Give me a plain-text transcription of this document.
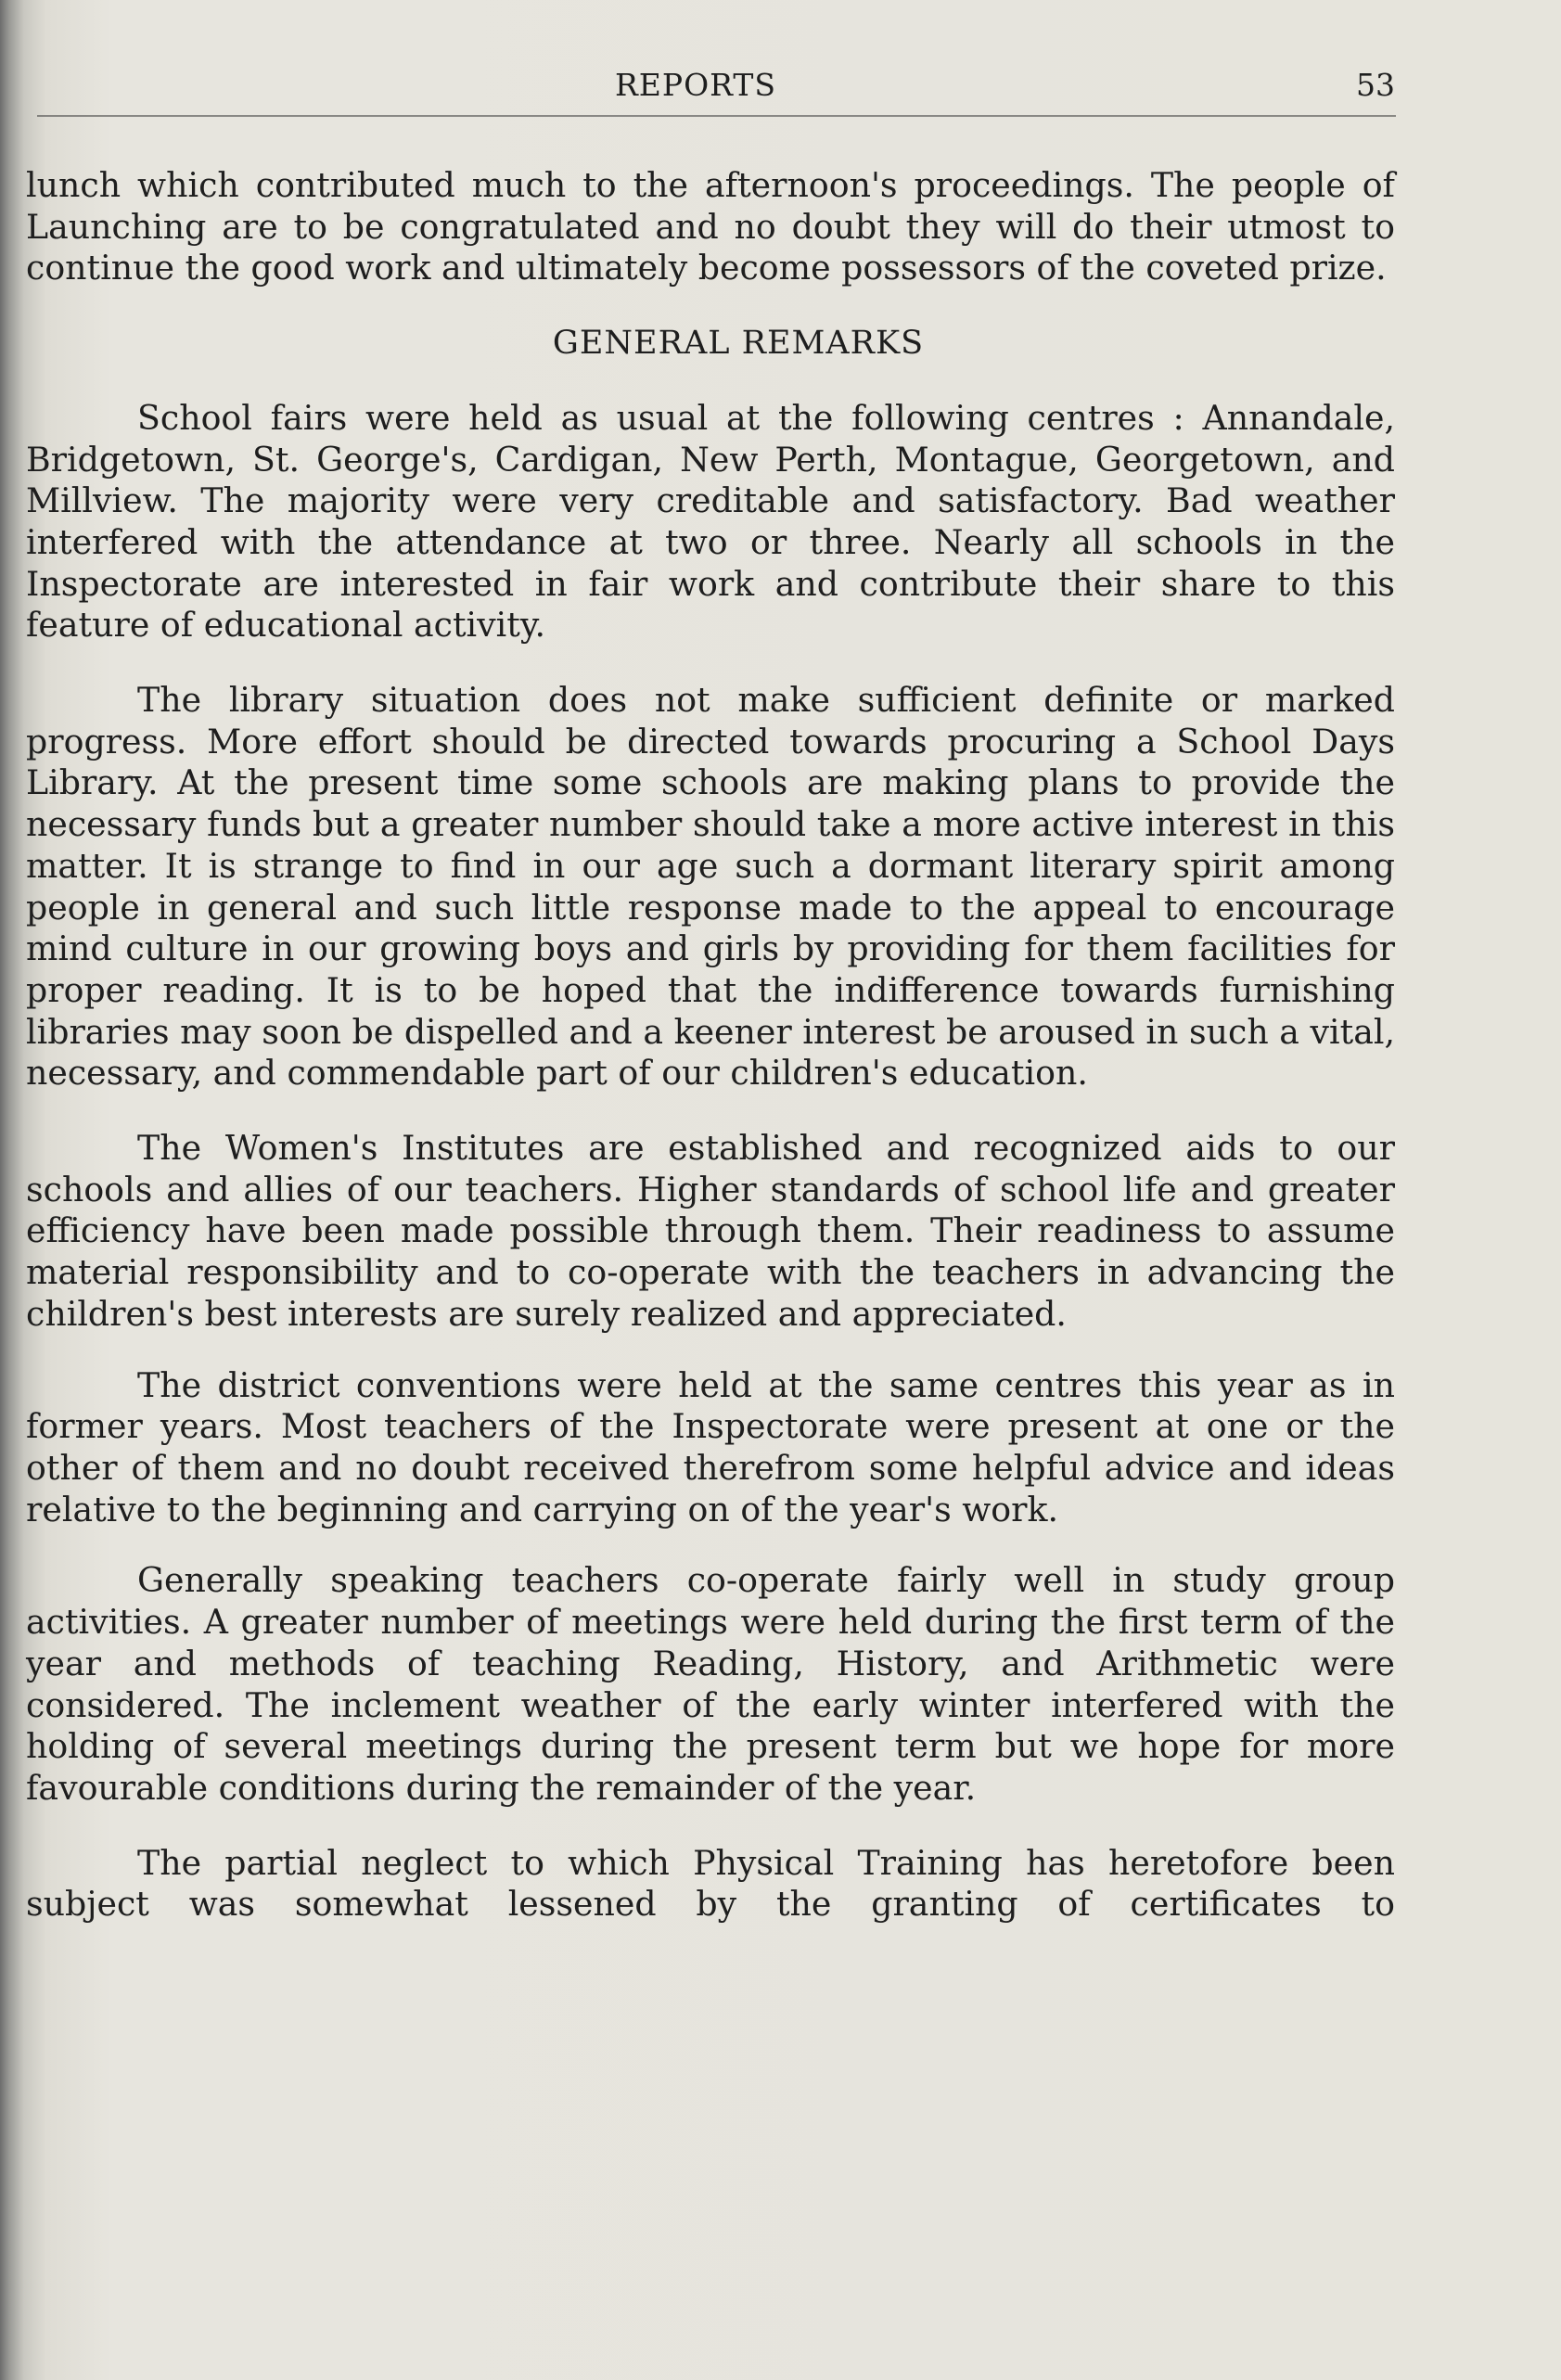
REPORTS	53

lunch which contributed much to the afternoon's proceedings. The people of Launching are to be congratulated and no doubt they will do their utmost to continue the good work and ultimately become possessors of the coveted prize.

GENERAL REMARKS

School fairs were held as usual at the following centres : Annandale, Bridgetown, St. George's, Cardigan, New Perth, Montague, Georgetown, and Millview. The majority were very creditable and satisfactory. Bad weather interfered with the attendance at two or three. Nearly all schools in the Inspectorate are interested in fair work and contribute their share to this feature of educational activity.

The library situation does not make sufficient definite or marked progress. More effort should be directed towards procuring a School Days Library. At the present time some schools are making plans to provide the necessary funds but a greater number should take a more active interest in this matter. It is strange to find in our age such a dormant literary spirit among people in general and such little response made to the appeal to encourage mind culture in our growing boys and girls by providing for them facilities for proper reading. It is to be hoped that the indifference towards furnishing libraries may soon be dispelled and a keener interest be aroused in such a vital, necessary, and commendable part of our children's education.

The Women's Institutes are established and recognized aids to our schools and allies of our teachers. Higher standards of school life and greater efficiency have been made possible through them. Their readiness to assume material responsibility and to co-operate with the teachers in advancing the children's best interests are surely realized and appreciated.

The district conventions were held at the same centres this year as in former years. Most teachers of the Inspectorate were present at one or the other of them and no doubt received therefrom some helpful advice and ideas relative to the beginning and carrying on of the year's work.

Generally speaking teachers co-operate fairly well in study group activities. A greater number of meetings were held during the first term of the year and methods of teaching Reading, History, and Arithmetic were considered. The inclement weather of the early winter interfered with the holding of several meetings during the present term but we hope for more favourable conditions during the remainder of the year.

The partial neglect to which Physical Training has heretofore been subject was somewhat lessened by the granting of certificates to
